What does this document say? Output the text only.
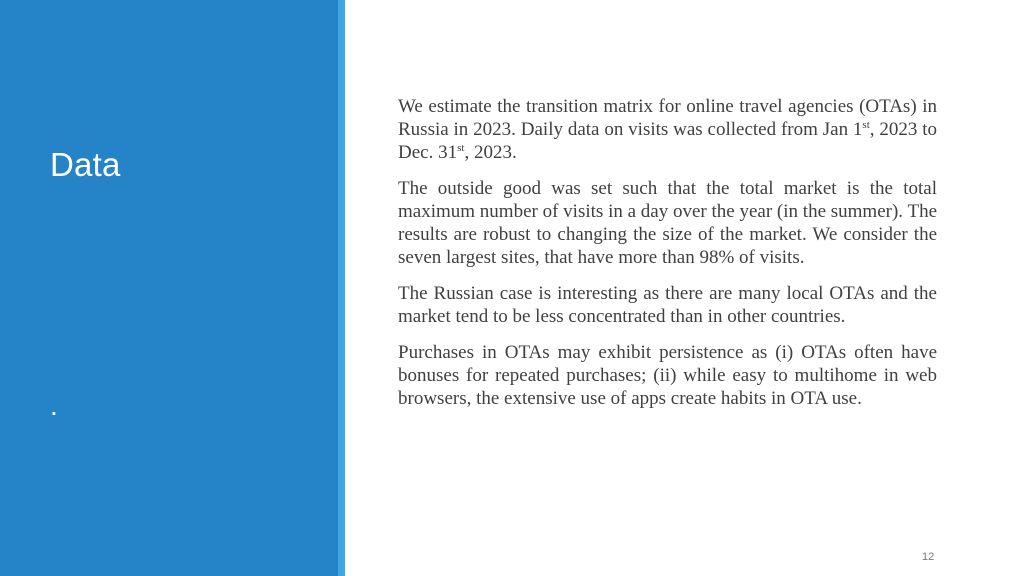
Data
.

We estimate the transition matrix for online travel agencies (OTAs) in Russia in 2023. Daily data on visits was collected from Jan 1st, 2023 to Dec. 31st, 2023.

The outside good was set such that the total market is the total maximum number of visits in a day over the year (in the summer). The results are robust to changing the size of the market. We consider the seven largest sites, that have more than 98% of visits.

The Russian case is interesting as there are many local OTAs and the market tend to be less concentrated than in other countries.

Purchases in OTAs may exhibit persistence as (i) OTAs often have bonuses for repeated purchases; (ii) while easy to multihome in web browsers, the extensive use of apps create habits in OTA use.

12
